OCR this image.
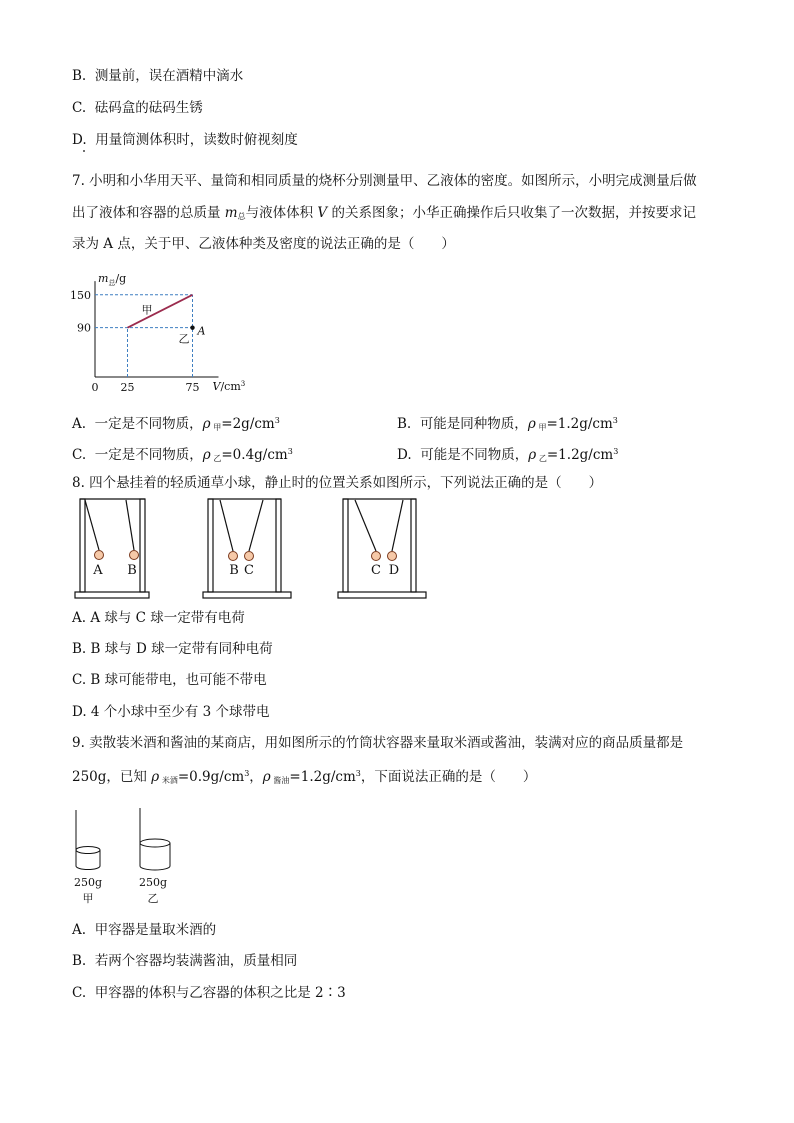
B. 测量前，误在酒精中滴水
C. 砝码盒的砝码生锈
D. 用量筒测体积时，读数时俯视刻度
7. 小明和小华用天平、量筒和相同质量的烧杯分别测量甲、乙液体的密度。如图所示，小明完成测量后做
出了液体和容器的总质量 $m_总$与液体体积 V 的关系图象；小华正确操作后只收集了一次数据，并按要求记
录为 A 点，关于甲、乙液体种类及密度的说法正确的是（　　）
90
150
25	75
0
甲
乙
A
$m_总/g$
$V/cm^3$
A. 一定是不同物质，ρ  $_甲=2g/cm^3$	B. 可能是同种物质，ρ  $_甲=1.2g/cm^3$
C. 一定是不同物质，ρ  $_乙=0.4g/cm^3$	D. 可能是不同物质，ρ  $_乙=1.2g/cm^3$
8. 四个悬挂着的轻质通草小球，静止时的位置关系如图所示，下列说法正确的是（　　）
A B	B C	C D
A. A 球与 C 球一定带有电荷
B. B 球与 D 球一定带有同种电荷
C. B 球可能带电，也可能不带电
D. 4 个小球中至少有 3 个球带电
9. 卖散装米酒和酱油的某商店，用如图所示的竹筒状容器来量取米酒或酱油，装满对应的商品质量都是
250g，已知 ρ  $_{米酒}=0.9g/cm^3$，ρ  $_{酱油}=1.2g/cm^3$，下面说法正确的是（　　）
250g
甲
250g
乙
A. 甲容器是量取米酒的
B. 若两个容器均装满酱油，质量相同
C. 甲容器的体积与乙容器的体积之比是 2∶3
